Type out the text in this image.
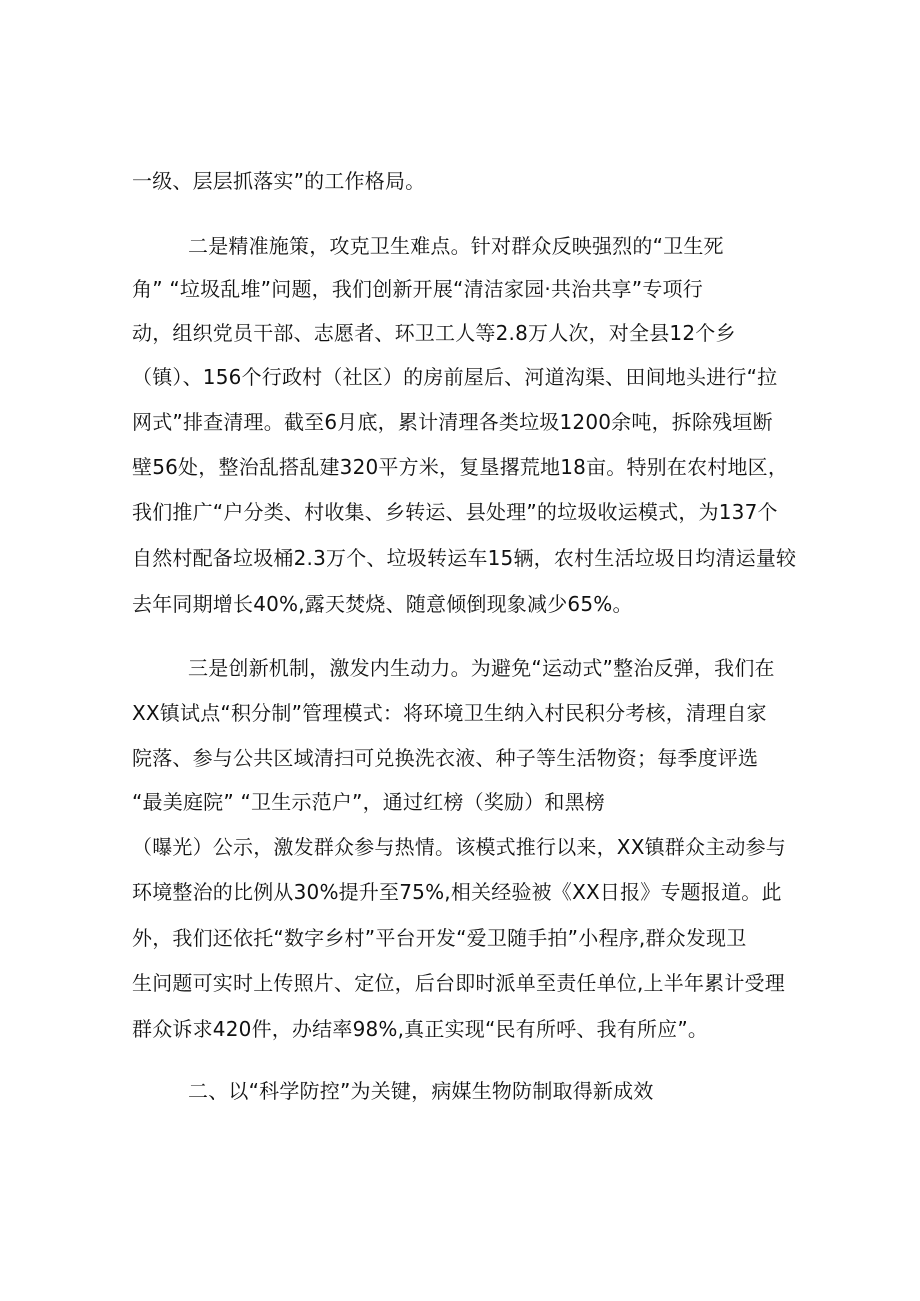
一级、层层抓落实”的工作格局。
二是精准施策，攻克卫生难点。针对群众反映强烈的“卫生死
角” “垃圾乱堆”问题，我们创新开展“清洁家园·共治共享”专项行
动，组织党员干部、志愿者、环卫工人等2.8万人次，对全县12个乡
（镇）、156个行政村（社区）的房前屋后、河道沟渠、田间地头进行“拉
网式”排查清理。截至6月底，累计清理各类垃圾1200余吨，拆除残垣断
壁56处，整治乱搭乱建320平方米，复垦撂荒地18亩。特别在农村地区，
我们推广“户分类、村收集、乡转运、县处理”的垃圾收运模式，为137个
自然村配备垃圾桶2.3万个、垃圾转运车15辆，农村生活垃圾日均清运量较
去年同期增长40%,露天焚烧、随意倾倒现象减少65%。
三是创新机制，激发内生动力。为避免“运动式”整治反弹，我们在
XX镇试点“积分制”管理模式：将环境卫生纳入村民积分考核，清理自家
院落、参与公共区域清扫可兑换洗衣液、种子等生活物资；每季度评选
“最美庭院” “卫生示范户”，通过红榜（奖励）和黑榜
（曝光）公示，激发群众参与热情。该模式推行以来，XX镇群众主动参与
环境整治的比例从30%提升至75%,相关经验被《XX日报》专题报道。此
外，我们还依托“数字乡村”平台开发“爱卫随手拍”小程序,群众发现卫
生问题可实时上传照片、定位，后台即时派单至责任单位,上半年累计受理
群众诉求420件，办结率98%,真正实现“民有所呼、我有所应”。
二、以“科学防控”为关键，病媒生物防制取得新成效
